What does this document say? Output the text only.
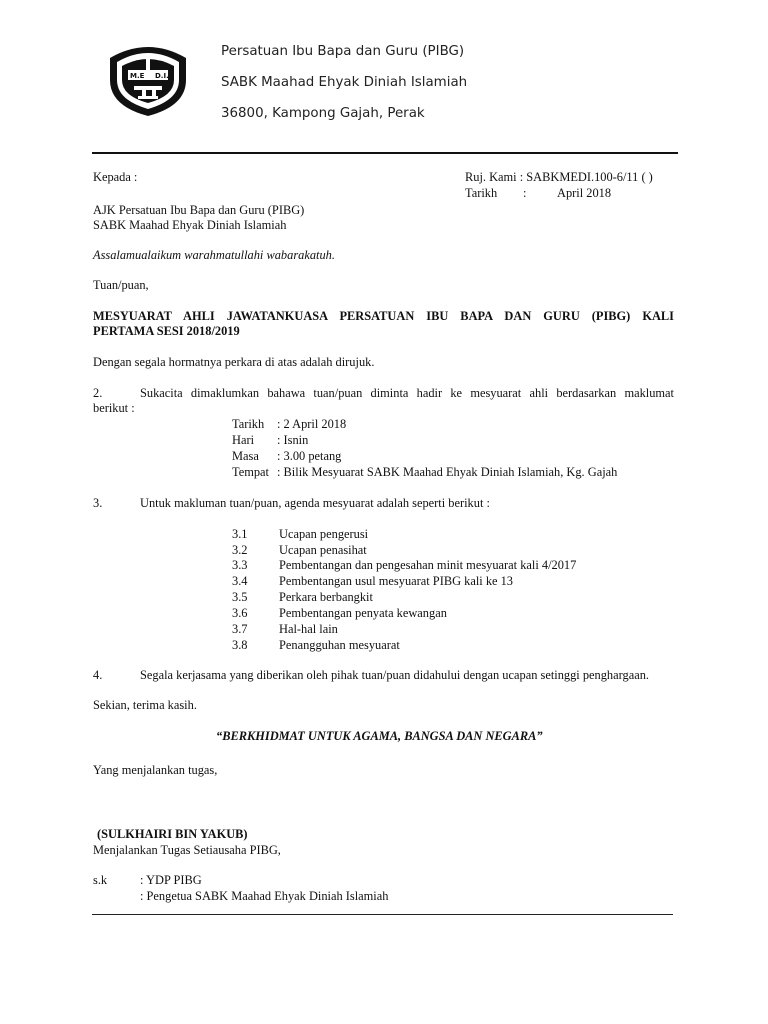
M.E D.I.
Persatuan Ibu Bapa dan Guru (PIBG)
SABK Maahad Ehyak Diniah Islamiah
36800, Kampong Gajah, Perak
Kepada :	Ruj. Kami : SABKMEDI.100-6/11 ( )
Tarikh : April 2018
AJK Persatuan Ibu Bapa dan Guru (PIBG)
SABK Maahad Ehyak Diniah Islamiah
Assalamualaikum warahmatullahi wabarakatuh.
Tuan/puan,
MESYUARAT AHLI JAWATANKUASA PERSATUAN IBU BAPA DAN GURU (PIBG) KALI
PERTAMA SESI 2018/2019
Dengan segala hormatnya perkara di atas adalah dirujuk.
2.	Sukacita dimaklumkan bahawa tuan/puan diminta hadir ke mesyuarat ahli berdasarkan maklumat
berikut :
Tarikh : 2 April 2018
Hari : Isnin
Masa : 3.00 petang
Tempat : Bilik Mesyuarat SABK Maahad Ehyak Diniah Islamiah, Kg. Gajah
3.	Untuk makluman tuan/puan, agenda mesyuarat adalah seperti berikut :
3.1	Ucapan pengerusi
3.2	Ucapan penasihat
3.3	Pembentangan dan pengesahan minit mesyuarat kali 4/2017
3.4	Pembentangan usul mesyuarat PIBG kali ke 13
3.5	Perkara berbangkit
3.6	Pembentangan penyata kewangan
3.7	Hal-hal lain
3.8	Penangguhan mesyuarat
4.	Segala kerjasama yang diberikan oleh pihak tuan/puan didahului dengan ucapan setinggi penghargaan.
Sekian, terima kasih.
“BERKHIDMAT UNTUK AGAMA, BANGSA DAN NEGARA”
Yang menjalankan tugas,
(SULKHAIRI BIN YAKUB)
Menjalankan Tugas Setiausaha PIBG,
s.k	: YDP PIBG
: Pengetua SABK Maahad Ehyak Diniah Islamiah
